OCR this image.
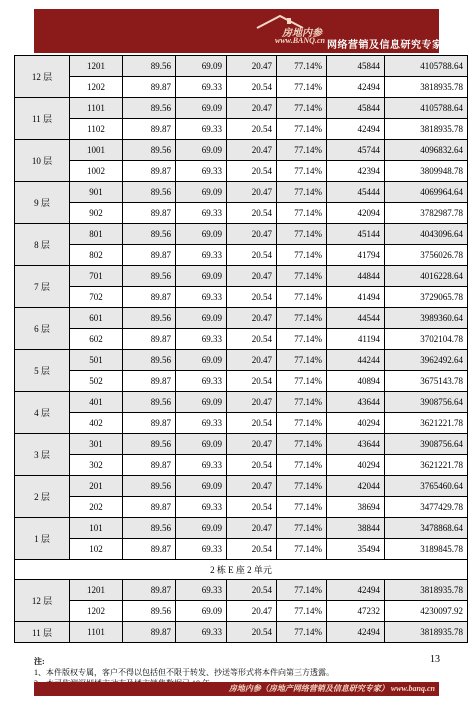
房地内参
www.BANQ.cn 网络营销及信息研究专家
12 层	1201	89.56	69.09	20.47	77.14%	45844	4105788.64
	1202	89.87	69.33	20.54	77.14%	42494	3818935.78
11 层	1101	89.56	69.09	20.47	77.14%	45844	4105788.64
	1102	89.87	69.33	20.54	77.14%	42494	3818935.78
10 层	1001	89.56	69.09	20.47	77.14%	45744	4096832.64
	1002	89.87	69.33	20.54	77.14%	42394	3809948.78
9 层	901	89.56	69.09	20.47	77.14%	45444	4069964.64
	902	89.87	69.33	20.54	77.14%	42094	3782987.78
8 层	801	89.56	69.09	20.47	77.14%	45144	4043096.64
	802	89.87	69.33	20.54	77.14%	41794	3756026.78
7 层	701	89.56	69.09	20.47	77.14%	44844	4016228.64
	702	89.87	69.33	20.54	77.14%	41494	3729065.78
6 层	601	89.56	69.09	20.47	77.14%	44544	3989360.64
	602	89.87	69.33	20.54	77.14%	41194	3702104.78
5 层	501	89.56	69.09	20.47	77.14%	44244	3962492.64
	502	89.87	69.33	20.54	77.14%	40894	3675143.78
4 层	401	89.56	69.09	20.47	77.14%	43644	3908756.64
	402	89.87	69.33	20.54	77.14%	40294	3621221.78
3 层	301	89.56	69.09	20.47	77.14%	43644	3908756.64
	302	89.87	69.33	20.54	77.14%	40294	3621221.78
2 层	201	89.56	69.09	20.47	77.14%	42044	3765460.64
	202	89.87	69.33	20.54	77.14%	38694	3477429.78
1 层	101	89.56	69.09	20.47	77.14%	38844	3478868.64
	102	89.87	69.33	20.54	77.14%	35494	3189845.78
2 栋 E 座 2 单元							
12 层	1201	89.87	69.33	20.54	77.14%	42494	3818935.78
	1202	89.56	69.09	20.47	77.14%	47232	4230097.92
11 层	1101	89.87	69.33	20.54	77.14%	42494	3818935.78
13
注:
1、本件版权专属，客户不得以包括但不限于转发、抄送等形式将本件向第三方透露。
房地内参（房地产网络营销及信息研究专家） www.banq.cn
